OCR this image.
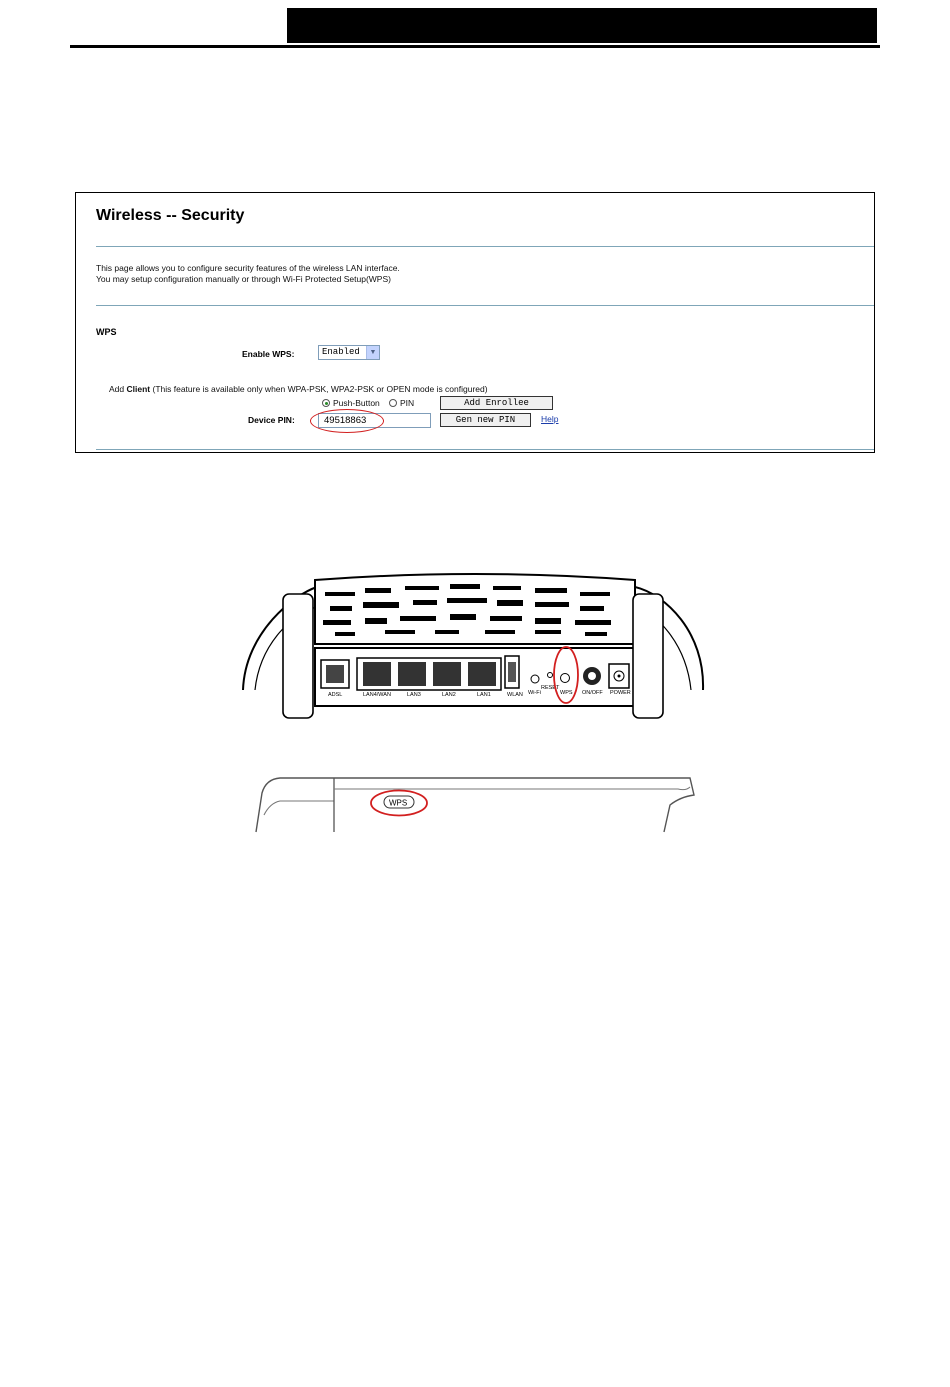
Wireless -- Security
This page allows you to configure security features of the wireless LAN interface.
You may setup configuration manually or through Wi-Fi Protected Setup(WPS)
WPS
Enable WPS:	Enabled	▼
Add Client (This feature is available only when WPA-PSK, WPA2-PSK or OPEN mode is configured)
Push-Button PIN	Add Enrollee
Device PIN:	49518863	Gen new PIN	Help
ADSL	LAN4/WAN	LAN3	LAN2	LAN1	WLAN Wi-Fi
RESET
WPS ON/OFF POWER
WPS
